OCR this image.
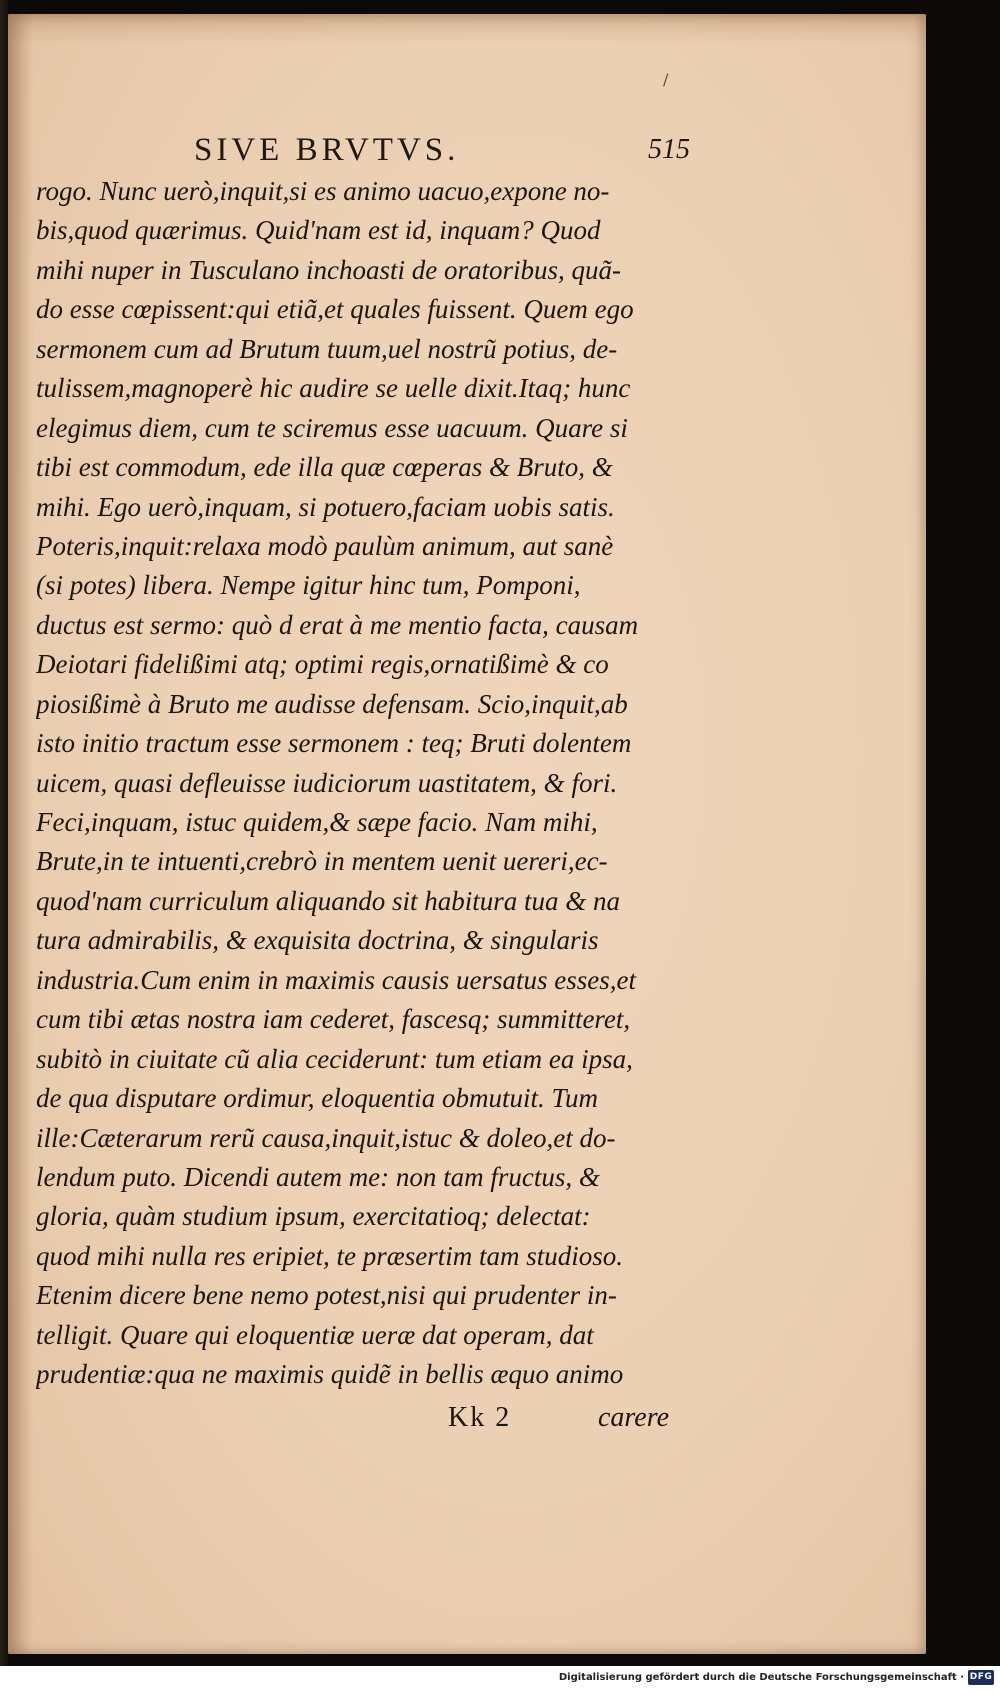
/
SIVE BRVTVS.	515
rogo. Nunc uerò,inquit,si es animo uacuo,expone no-
bis,quod quærimus. Quid'nam est id, inquam? Quod
mihi nuper in Tusculano inchoasti de oratoribus, quã-
do esse cœpissent:qui etiã,et quales fuissent. Quem ego
sermonem cum ad Brutum tuum,uel nostrũ potius, de-
tulissem,magnoperè hic audire se uelle dixit.Itaq; hunc
elegimus diem, cum te sciremus esse uacuum. Quare si
tibi est commodum, ede illa quæ cœperas & Bruto, &
mihi. Ego uerò,inquam, si potuero,faciam uobis satis.
Poteris,inquit:relaxa modò paulùm animum, aut sanè
(si potes) libera. Nempe igitur hinc tum, Pomponi,
ductus est sermo: quò d erat à me mentio facta, causam
Deiotari fidelißimi atq; optimi regis,ornatißimè & co
piosißimè à Bruto me audisse defensam. Scio,inquit,ab
isto initio tractum esse sermonem : teq; Bruti dolentem
uicem, quasi defleuisse iudiciorum uastitatem, & fori.
Feci,inquam, istuc quidem,& sæpe facio. Nam mihi,
Brute,in te intuenti,crebrò in mentem uenit uereri,ec-
quod'nam curriculum aliquando sit habitura tua & na
tura admirabilis, & exquisita doctrina, & singularis
industria.Cum enim in maximis causis uersatus esses,et
cum tibi ætas nostra iam cederet, fascesq; summitteret,
subitò in ciuitate cũ alia ceciderunt: tum etiam ea ipsa,
de qua disputare ordimur, eloquentia obmutuit. Tum
ille:Cæterarum rerũ causa,inquit,istuc & doleo,et do-
lendum puto. Dicendi autem me: non tam fructus, &
gloria, quàm studium ipsum, exercitatioq; delectat:
quod mihi nulla res eripiet, te præsertim tam studioso.
Etenim dicere bene nemo potest,nisi qui prudenter in-
telligit. Quare qui eloquentiæ ueræ dat operam, dat
prudentiæ:qua ne maximis quidẽ in bellis æquo animo
Kk 2	carere
Digitalisierung gefördert durch die Deutsche Forschungsgemeinschaft · DFG
